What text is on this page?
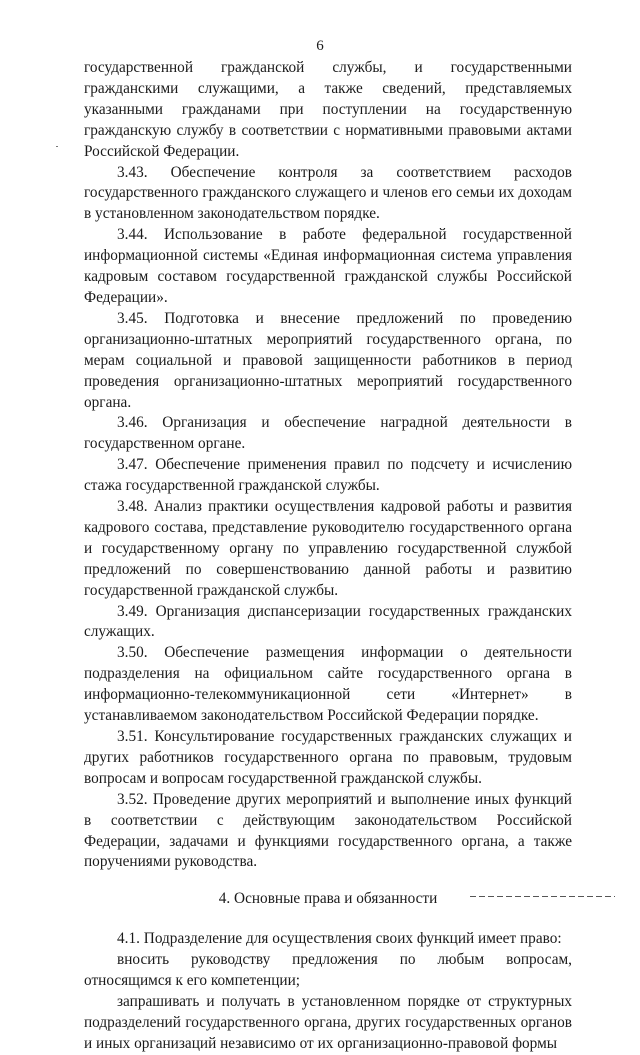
6

государственной гражданской службы, и государственными гражданскими служащими, а также сведений, представляемых указанными гражданами при поступлении на государственную гражданскую службу в соответствии с нормативными правовыми актами Российской Федерации.

3.43. Обеспечение контроля за соответствием расходов государственного гражданского служащего и членов его семьи их доходам в установленном законодательством порядке.

3.44. Использование в работе федеральной государственной информационной системы «Единая информационная система управления кадровым составом государственной гражданской службы Российской Федерации».

3.45. Подготовка и внесение предложений по проведению организационно-штатных мероприятий государственного органа, по мерам социальной и правовой защищенности работников в период проведения организационно-штатных мероприятий государственного органа.

3.46. Организация и обеспечение наградной деятельности в государственном органе.

3.47. Обеспечение применения правил по подсчету и исчислению стажа государственной гражданской службы.

3.48. Анализ практики осуществления кадровой работы и развития кадрового состава, представление руководителю государственного органа и государственному органу по управлению государственной службой предложений по совершенствованию данной работы и развитию государственной гражданской службы.

3.49. Организация диспансеризации государственных гражданских служащих.

3.50. Обеспечение размещения информации о деятельности подразделения на официальном сайте государственного органа в информационно-телекоммуникационной сети «Интернет» в устанавливаемом законодательством Российской Федерации порядке.

3.51. Консультирование государственных гражданских служащих и других работников государственного органа по правовым, трудовым вопросам и вопросам государственной гражданской службы.

3.52. Проведение других мероприятий и выполнение иных функций в соответствии с действующим законодательством Российской Федерации, задачами и функциями государственного органа, а также поручениями руководства.

4. Основные права и обязанности

4.1. Подразделение для осуществления своих функций имеет право:

вносить руководству предложения по любым вопросам, относящимся к его компетенции;

запрашивать и получать в установленном порядке от структурных подразделений государственного органа, других государственных органов и иных организаций независимо от их организационно-правовой формы
